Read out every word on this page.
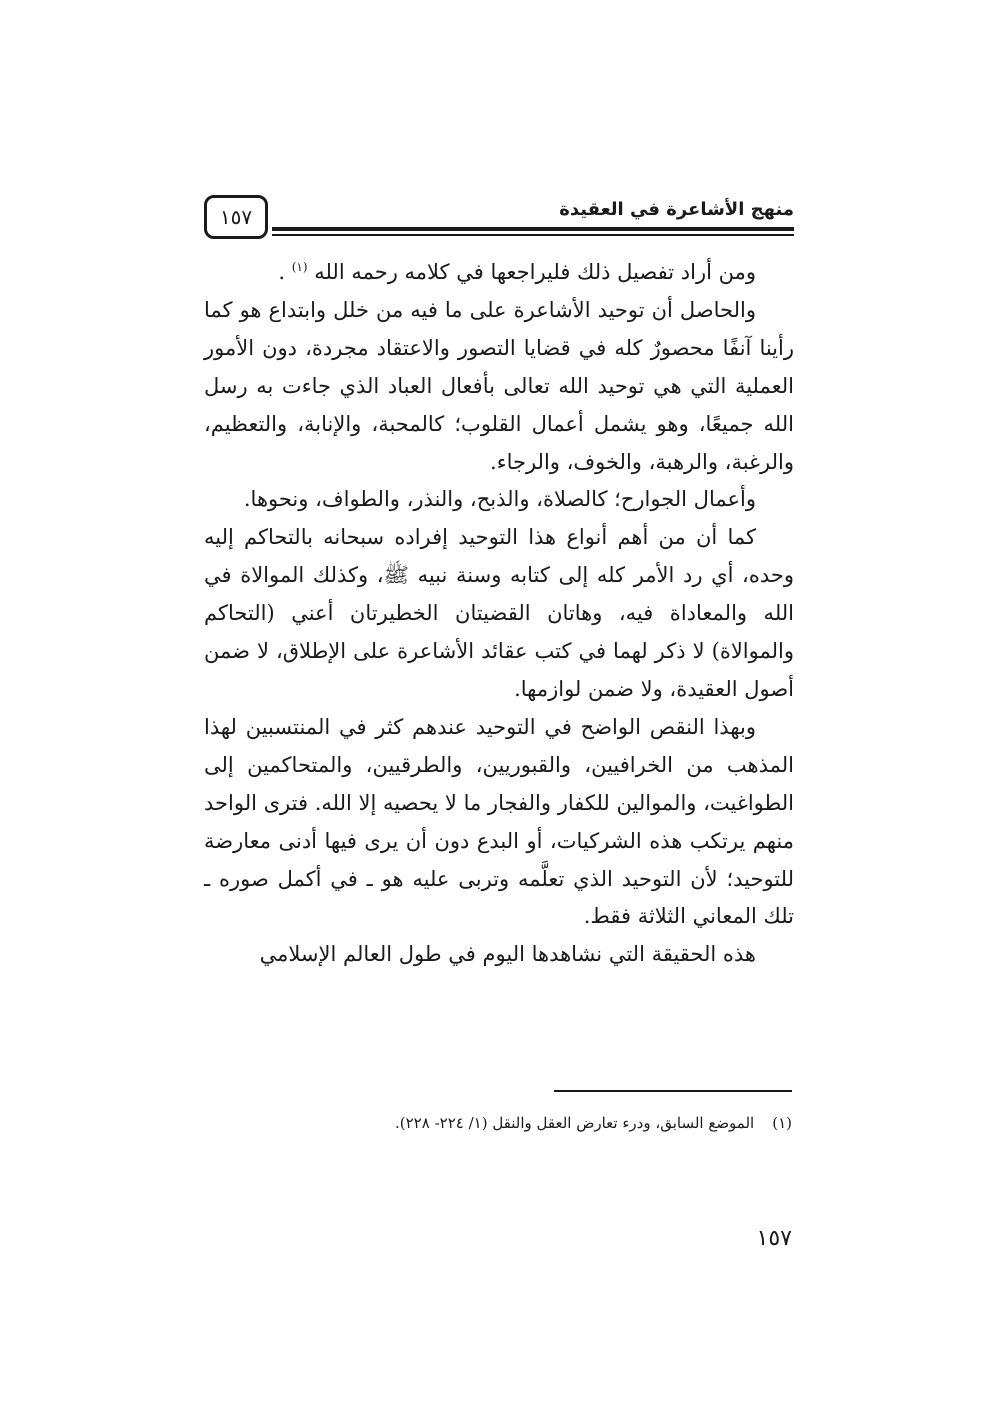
١٥٧	منهج الأشاعرة في العقيدة

ومن أراد تفصيل ذلك فليراجعها في كلامه رحمه الله $^{(١)}$ .

والحاصل أن توحيد الأشاعرة على ما فيه من خلل وابتداع هو كما رأينا آنفًا محصورٌ كله في قضايا التصور والاعتقاد مجردة، دون الأمور العملية التي هي توحيد الله تعالى بأفعال العباد الذي جاءت به رسل الله جميعًا، وهو يشمل أعمال القلوب؛ كالمحبة، والإنابة، والتعظيم، والرغبة، والرهبة، والخوف، والرجاء.

وأعمال الجوارح؛ كالصلاة، والذبح، والنذر، والطواف، ونحوها.

كما أن من أهم أنواع هذا التوحيد إفراده سبحانه بالتحاكم إليه وحده، أي رد الأمر كله إلى كتابه وسنة نبيه ﷺ، وكذلك الموالاة في الله والمعاداة فيه، وهاتان القضيتان الخطيرتان أعني (التحاكم والموالاة) لا ذكر لهما في كتب عقائد الأشاعرة على الإطلاق، لا ضمن أصول العقيدة، ولا ضمن لوازمها.

وبهذا النقص الواضح في التوحيد عندهم كثر في المنتسبين لهذا المذهب من الخرافيين، والقبوريين، والطرقيين، والمتحاكمين إلى الطواغيت، والموالين للكفار والفجار ما لا يحصيه إلا الله. فترى الواحد منهم يرتكب هذه الشركيات، أو البدع دون أن يرى فيها أدنى معارضة للتوحيد؛ لأن التوحيد الذي تعلَّمه وتربى عليه هو ـ في أكمل صوره ـ تلك المعاني الثلاثة فقط.

هذه الحقيقة التي نشاهدها اليوم في طول العالم الإسلامي

(١)الموضع السابق، ودرء تعارض العقل والنقل (١/ ٢٢٤- ٢٢٨).
١٥٧
